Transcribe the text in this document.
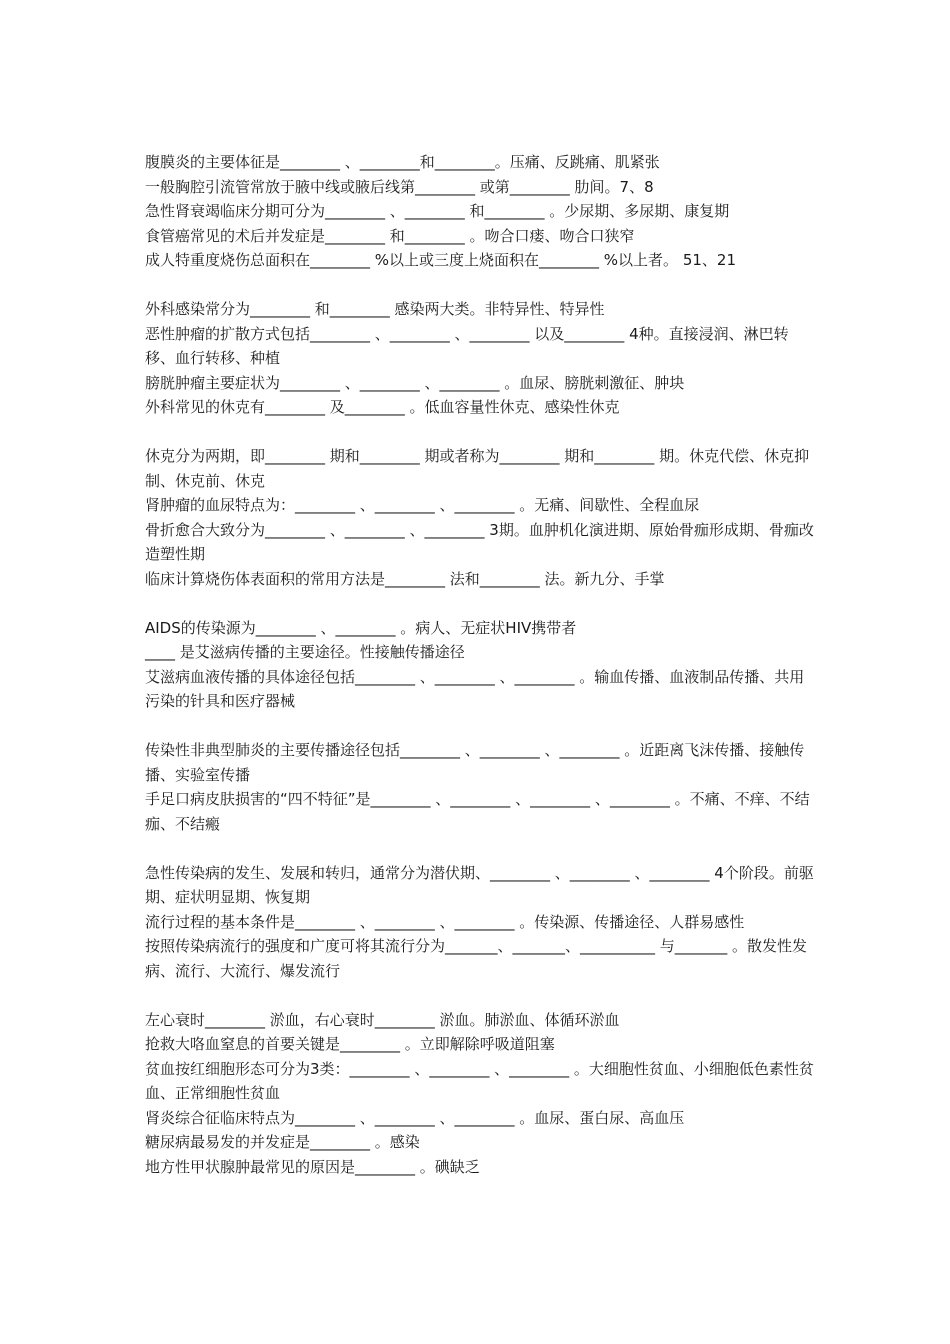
腹膜炎的主要体征是________ 、________和________。压痛、反跳痛、肌紧张

一般胸腔引流管常放于腋中线或腋后线第________ 或第________ 肋间。7、8

急性肾衰竭临床分期可分为________ 、________ 和________ 。少尿期、多尿期、康复期

食管癌常见的术后并发症是________ 和________ 。吻合口瘘、吻合口狭窄

成人特重度烧伤总面积在________ %以上或三度上烧面积在________ %以上者。 51、21

外科感染常分为________ 和________ 感染两大类。非特异性、特异性

恶性肿瘤的扩散方式包括________ 、________ 、________ 以及________ 4种。直接浸润、淋巴转移、血行转移、种植

膀胱肿瘤主要症状为________ 、________ 、________ 。血尿、膀胱刺激征、肿块

外科常见的休克有________ 及________ 。低血容量性休克、感染性休克

休克分为两期，即________ 期和________ 期或者称为________ 期和________ 期。休克代偿、休克抑制、休克前、休克

肾肿瘤的血尿特点为：________ 、________ 、________ 。无痛、间歇性、全程血尿

骨折愈合大致分为________ 、________ 、________ 3期。血肿机化演进期、原始骨痂形成期、骨痂改造塑性期

临床计算烧伤体表面积的常用方法是________ 法和________ 法。新九分、手掌

AIDS的传染源为________ 、________ 。病人、无症状HIV携带者

____ 是艾滋病传播的主要途径。性接触传播途径

艾滋病血液传播的具体途径包括________ 、________ 、________ 。输血传播、血液制品传播、共用污染的针具和医疗器械

传染性非典型肺炎的主要传播途径包括________ 、________ 、________ 。近距离飞沫传播、接触传播、实验室传播

手足口病皮肤损害的“四不特征”是________ 、________ 、________ 、________ 。不痛、不痒、不结痂、不结瘢

急性传染病的发生、发展和转归，通常分为潜伏期、________ 、________ 、________ 4个阶段。前驱期、症状明显期、恢复期

流行过程的基本条件是________ 、________ 、________ 。传染源、传播途径、人群易感性

按照传染病流行的强度和广度可将其流行分为_______、_______、__________ 与_______ 。散发性发病、流行、大流行、爆发流行

左心衰时________ 淤血，右心衰时________ 淤血。肺淤血、体循环淤血

抢救大咯血窒息的首要关键是________ 。立即解除呼吸道阻塞

贫血按红细胞形态可分为3类：________ 、________ 、________ 。大细胞性贫血、小细胞低色素性贫血、正常细胞性贫血

肾炎综合征临床特点为________ 、________ 、________ 。血尿、蛋白尿、高血压

糖尿病最易发的并发症是________ 。感染

地方性甲状腺肿最常见的原因是________ 。碘缺乏
